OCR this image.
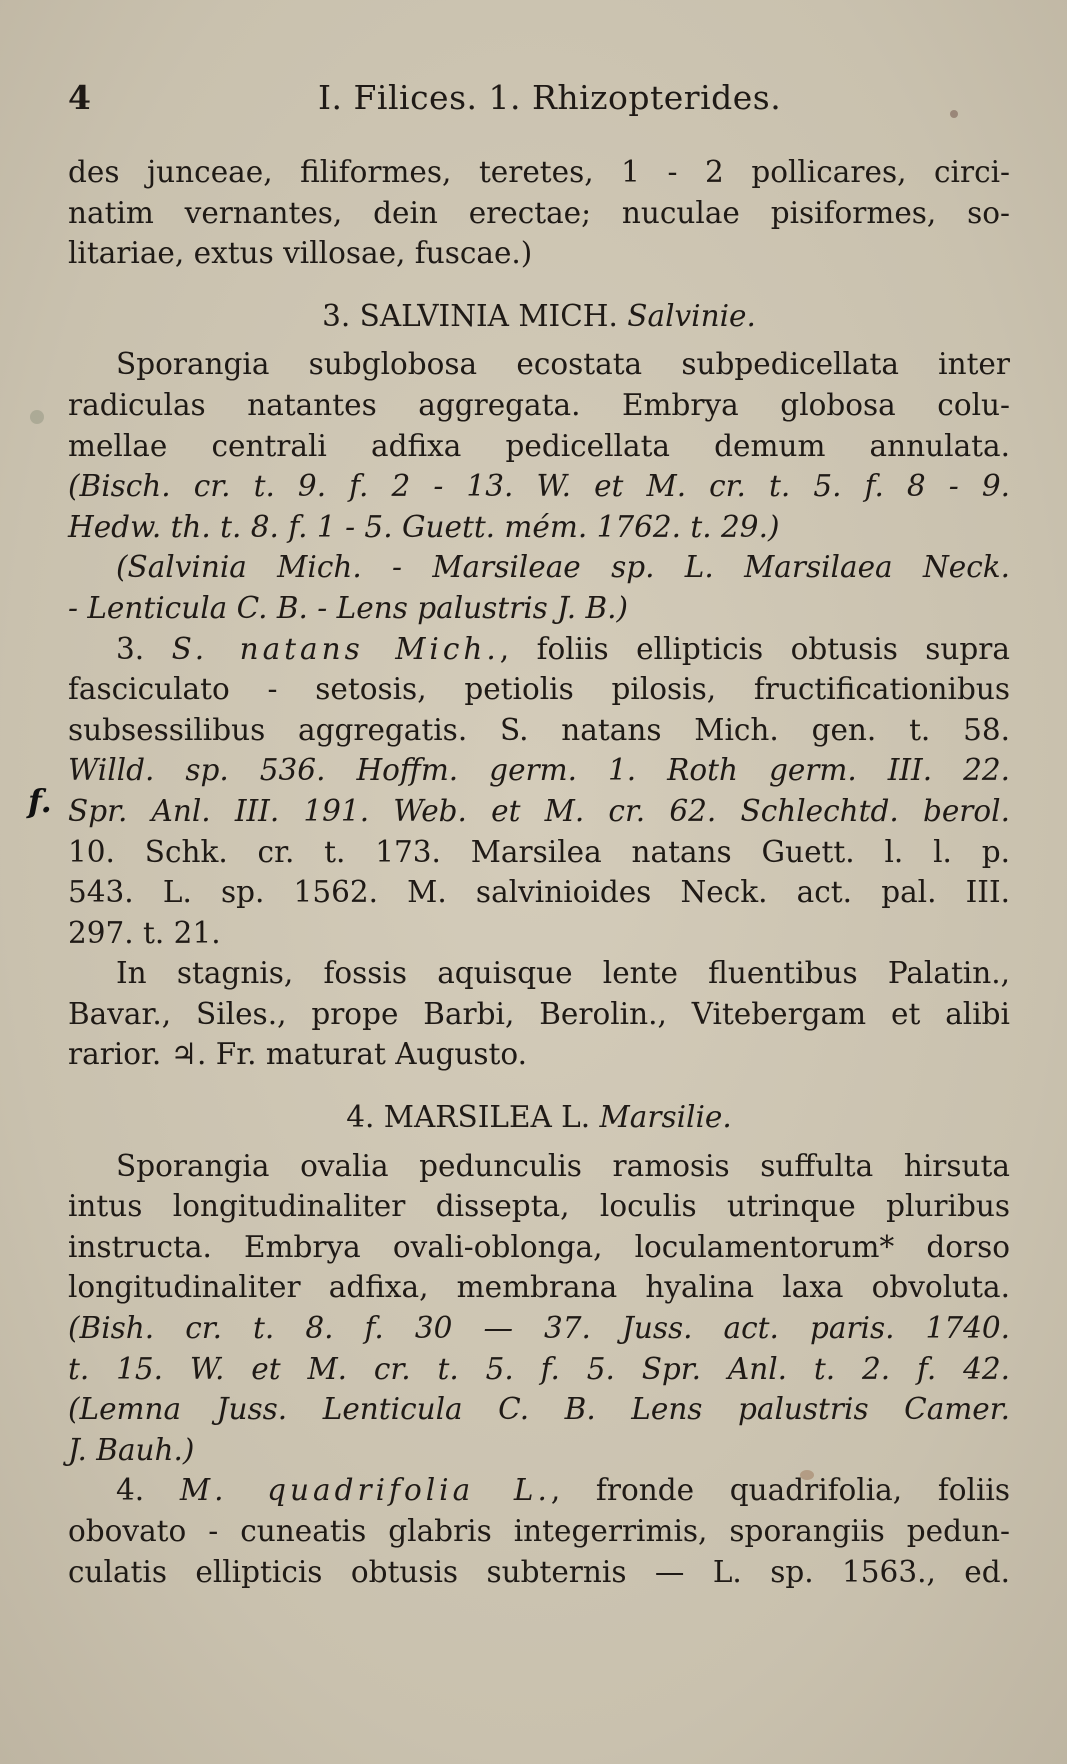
4	I. Filices. 1. Rhizopterides.
f.
des junceae, filiformes, teretes, 1 - 2 pollicares, circi-
natim vernantes, dein erectae; nuculae pisiformes, so-
litariae, extus villosae, fuscae.)
3. SALVINIA MICH. Salvinie.
Sporangia subglobosa ecostata subpedicellata inter
radiculas natantes aggregata. Embrya globosa colu-
mellae centrali adfixa pedicellata demum annulata.
(Bisch. cr. t. 9. f. 2 - 13. W. et M. cr. t. 5. f. 8 - 9.
Hedw. th. t. 8. f. 1 - 5. Guett. mém. 1762. t. 29.)
(Salvinia Mich. - Marsileae sp. L. Marsilaea Neck.
- Lenticula C. B. - Lens palustris J. B.)
3. S. natans Mich., foliis ellipticis obtusis supra
fasciculato - setosis, petiolis pilosis, fructificationibus
subsessilibus aggregatis. S. natans Mich. gen. t. 58.
Willd. sp. 536. Hoffm. germ. 1. Roth germ. III. 22.
Spr. Anl. III. 191. Web. et M. cr. 62. Schlechtd. berol.
10. Schk. cr. t. 173. Marsilea natans Guett. l. l. p.
543. L. sp. 1562. M. salvinioides Neck. act. pal. III.
297. t. 21.
In stagnis, fossis aquisque lente fluentibus Palatin.,
Bavar., Siles., prope Barbi, Berolin., Vitebergam et alibi
rarior. ♃. Fr. maturat Augusto.
4. MARSILEA L. Marsilie.
Sporangia ovalia pedunculis ramosis suffulta hirsuta
intus longitudinaliter dissepta, loculis utrinque pluribus
instructa. Embrya ovali-oblonga, loculamentorum* dorso
longitudinaliter adfixa, membrana hyalina laxa obvoluta.
(Bish. cr. t. 8. f. 30 — 37. Juss. act. paris. 1740.
t. 15. W. et M. cr. t. 5. f. 5. Spr. Anl. t. 2. f. 42.
(Lemna Juss. Lenticula C. B. Lens palustris Camer.
J. Bauh.)
4. M. quadrifolia L., fronde quadrifolia, foliis
obovato - cuneatis glabris integerrimis, sporangiis pedun-
culatis ellipticis obtusis subternis — L. sp. 1563., ed.
